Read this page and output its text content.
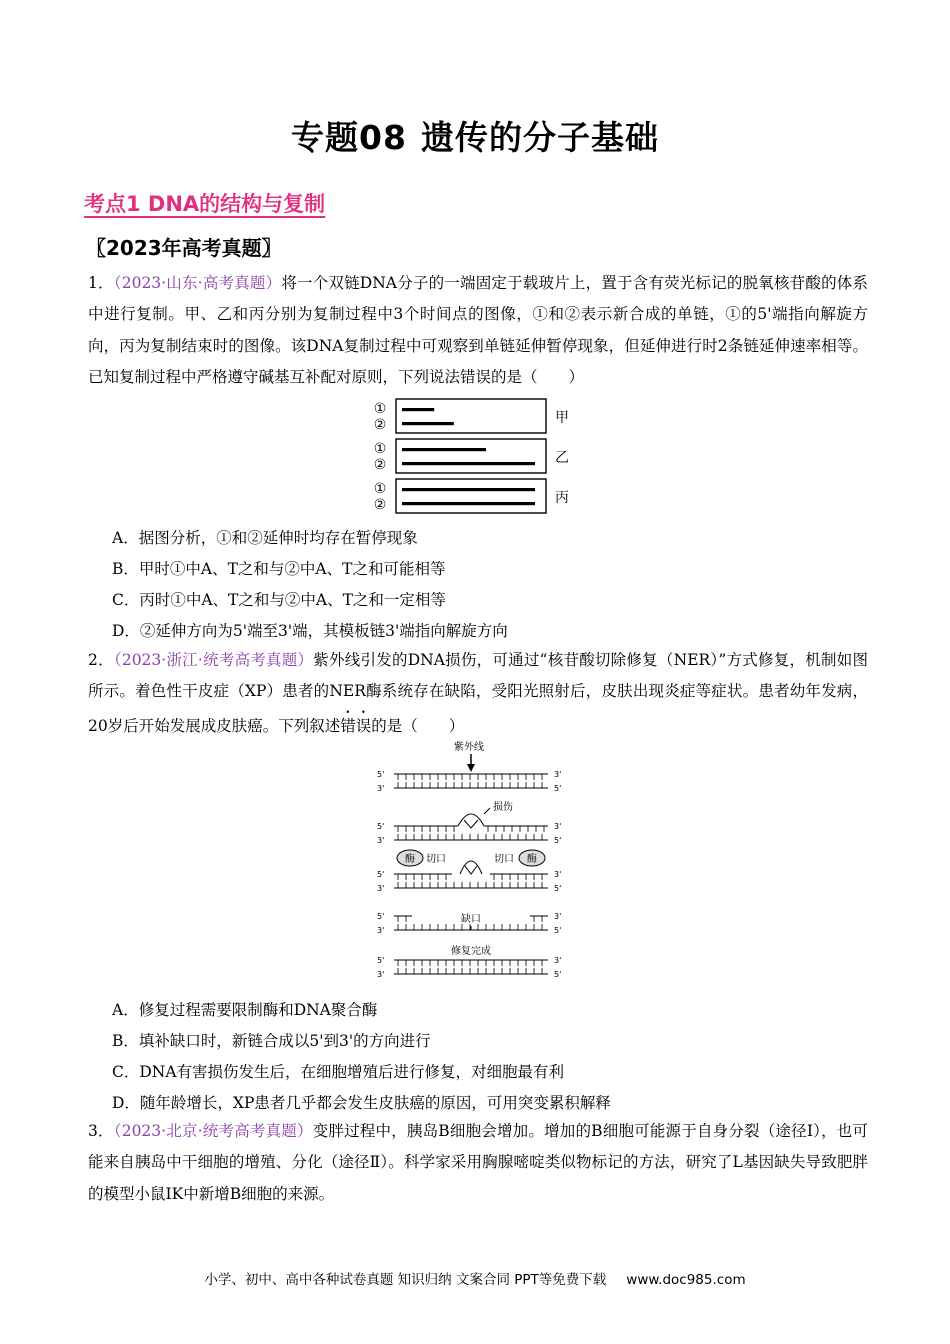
专题08 遗传的分子基础
考点1 DNA的结构与复制
〖2023年高考真题〗
1．（2023·山东·高考真题）将一个双链DNA分子的一端固定于载玻片上，置于含有荧光标记的脱氧核苷酸的体系中进行复制。甲、乙和丙分别为复制过程中3个时间点的图像，①和②表示新合成的单链，①的5'端指向解旋方向，丙为复制结束时的图像。该DNA复制过程中可观察到单链延伸暂停现象，但延伸进行时2条链延伸速率相等。已知复制过程中严格遵守碱基互补配对原则，下列说法错误的是（　　）
①
②	甲
①
②	乙
①
②	丙
A．据图分析，①和②延伸时均存在暂停现象
B．甲时①中A、T之和与②中A、T之和可能相等
C．丙时①中A、T之和与②中A、T之和一定相等
D．②延伸方向为5'端至3'端，其模板链3'端指向解旋方向
2．（2023·浙江·统考高考真题）紫外线引发的DNA损伤，可通过“核苷酸切除修复（NER）”方式修复，机制如图所示。着色性干皮症（XP）患者的NER酶系统存在缺陷，受阳光照射后，皮肤出现炎症等症状。患者幼年发病，20岁后开始发展成皮肤癌。下列叙述错误的是（　　）
紫外线
5'	3'
3'	5'
损伤
5'	3'
3'	5'
酶	酶
切口	切口
5'	3'
3'	5'
缺口
5'	3'
3'	5'
修复完成
5'	3'
3'	5'
A．修复过程需要限制酶和DNA聚合酶
B．填补缺口时，新链合成以5'到3'的方向进行
C．DNA有害损伤发生后，在细胞增殖后进行修复，对细胞最有利
D．随年龄增长，XP患者几乎都会发生皮肤癌的原因，可用突变累积解释
3．（2023·北京·统考高考真题）变胖过程中，胰岛B细胞会增加。增加的B细胞可能源于自身分裂（途径Ⅰ），也可能来自胰岛中干细胞的增殖、分化（途径Ⅱ）。科学家采用胸腺嘧啶类似物标记的方法，研究了L基因缺失导致肥胖的模型小鼠IK中新增B细胞的来源。
小学、初中、高中各种试卷真题 知识归纳 文案合同 PPT等免费下载 www.doc985.com
